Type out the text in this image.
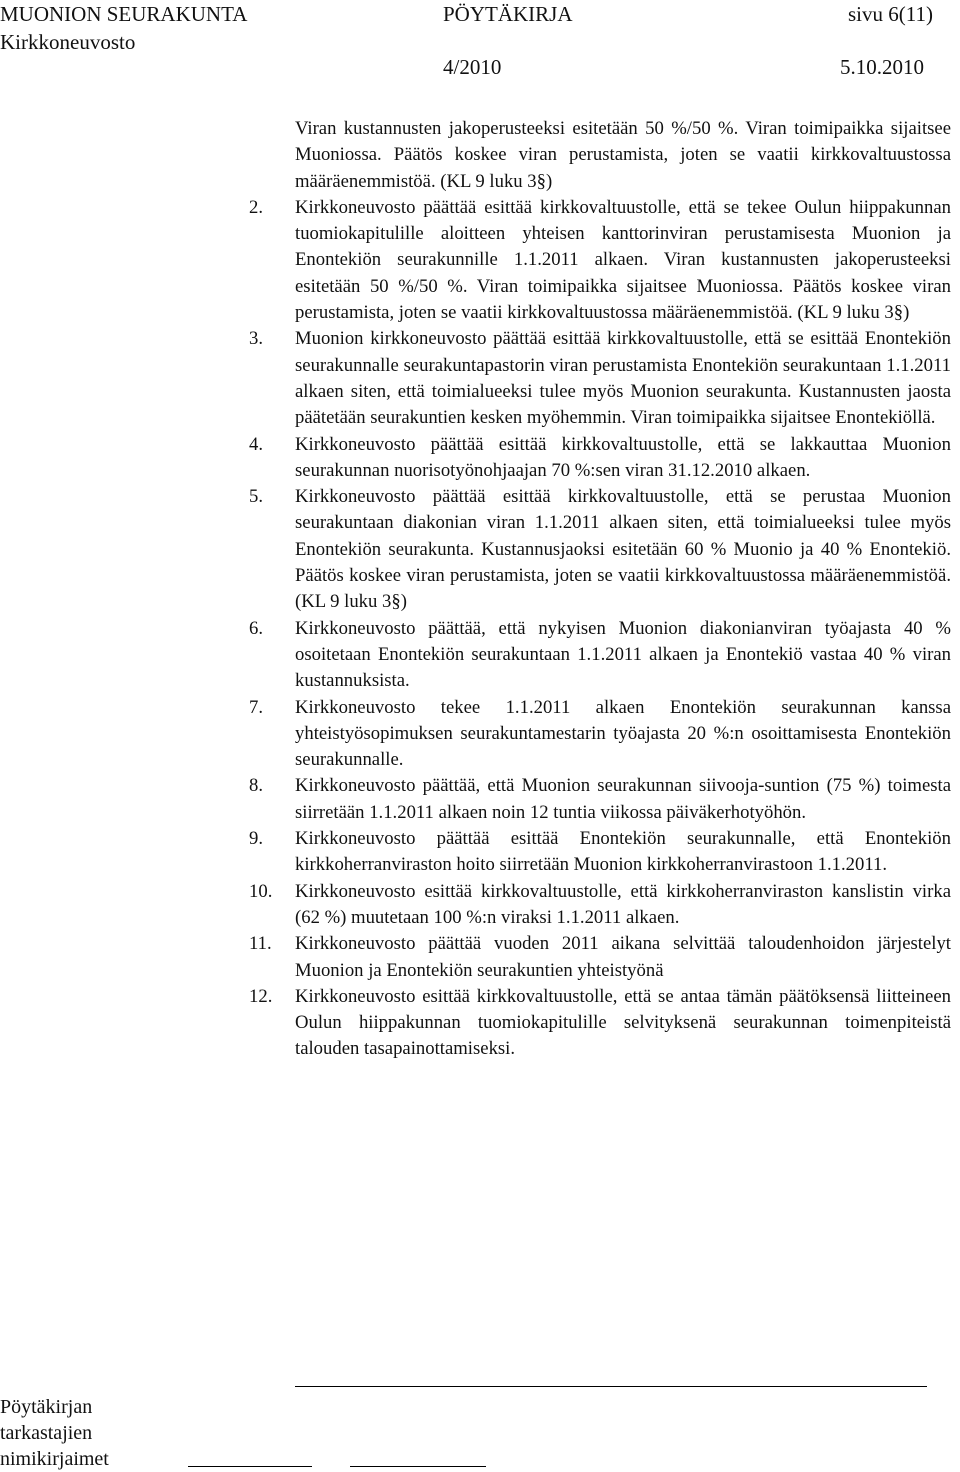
MUONION SEURAKUNTA	PÖYTÄKIRJA	sivu 6(11)
Kirkkoneuvosto
4/2010	5.10.2010

Viran kustannusten jakoperusteeksi esitetään 50 %/50 %. Viran toimipaikka sijaitsee Muoniossa. Päätös koskee viran perustamista, joten se vaatii kirkkovaltuustossa määräenemmistöä. (KL 9 luku 3§)

2. Kirkkoneuvosto päättää esittää kirkkovaltuustolle, että se tekee Oulun hiippakunnan tuomiokapitulille aloitteen yhteisen kanttorinviran perustamisesta Muonion ja Enontekiön seurakunnille 1.1.2011 alkaen. Viran kustannusten jakoperusteeksi esitetään 50 %/50 %. Viran toimipaikka sijaitsee Muoniossa. Päätös koskee viran perustamista, joten se vaatii kirkkovaltuustossa määräenemmistöä. (KL 9 luku 3§)
3. Muonion kirkkoneuvosto päättää esittää kirkkovaltuustolle, että se esittää Enontekiön seurakunnalle seurakuntapastorin viran perustamista Enontekiön seurakuntaan 1.1.2011 alkaen siten, että toimialueeksi tulee myös Muonion seurakunta. Kustannusten jaosta päätetään seurakuntien kesken myöhemmin. Viran toimipaikka sijaitsee Enontekiöllä.
4. Kirkkoneuvosto päättää esittää kirkkovaltuustolle, että se lakkauttaa Muonion seurakunnan nuorisotyönohjaajan 70 %:sen viran 31.12.2010 alkaen.
5. Kirkkoneuvosto päättää esittää kirkkovaltuustolle, että se perustaa Muonion seurakuntaan diakonian viran 1.1.2011 alkaen siten, että toimialueeksi tulee myös Enontekiön seurakunta. Kustannusjaoksi esitetään 60 % Muonio ja 40 % Enontekiö. Päätös koskee viran perustamista, joten se vaatii kirkkovaltuustossa määräenemmistöä. (KL 9 luku 3§)
6. Kirkkoneuvosto päättää, että nykyisen Muonion diakonianviran työajasta 40 % osoitetaan Enontekiön seurakuntaan 1.1.2011 alkaen ja Enontekiö vastaa 40 % viran kustannuksista.
7. Kirkkoneuvosto tekee 1.1.2011 alkaen Enontekiön seurakunnan kanssa yhteistyösopimuksen seurakuntamestarin työajasta 20 %:n osoittamisesta Enontekiön seurakunnalle.
8. Kirkkoneuvosto päättää, että Muonion seurakunnan siivooja-suntion (75 %) toimesta siirretään 1.1.2011 alkaen noin 12 tuntia viikossa päiväkerhotyöhön.
9. Kirkkoneuvosto päättää esittää Enontekiön seurakunnalle, että Enontekiön kirkkoherranviraston hoito siirretään Muonion kirkkoherranvirastoon 1.1.2011.
10. Kirkkoneuvosto esittää kirkkovaltuustolle, että kirkkoherranviraston kanslistin virka (62 %) muutetaan 100 %:n viraksi 1.1.2011 alkaen.
11. Kirkkoneuvosto päättää vuoden 2011 aikana selvittää taloudenhoidon järjestelyt Muonion ja Enontekiön seurakuntien yhteistyönä
12. Kirkkoneuvosto esittää kirkkovaltuustolle, että se antaa tämän päätöksensä liitteineen Oulun hiippakunnan tuomiokapitulille selvityksenä seurakunnan toimenpiteistä talouden tasapainottamiseksi.
Pöytäkirjan
tarkastajien
nimikirjaimet
